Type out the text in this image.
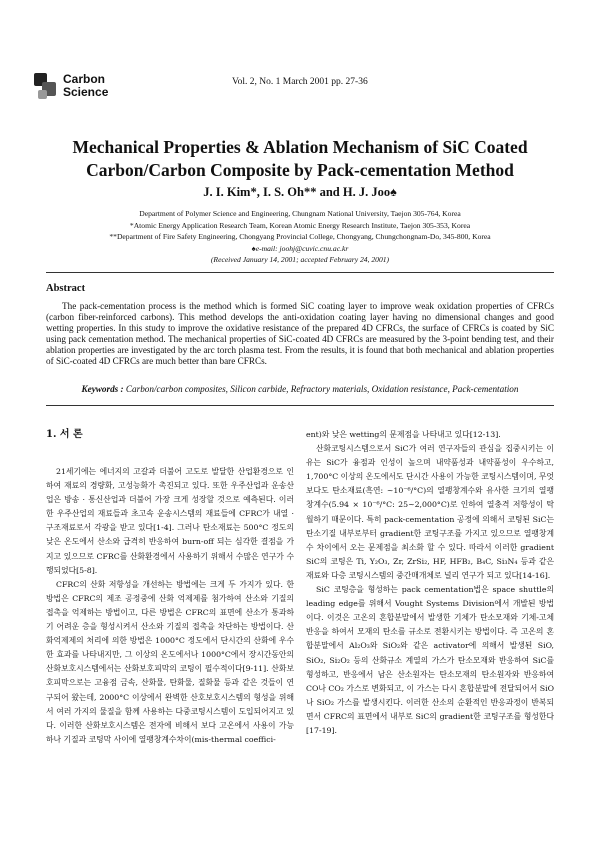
Carbon
Science
Vol. 2, No. 1 March 2001 pp. 27-36
Mechanical Properties & Ablation Mechanism of SiC Coated
Carbon/Carbon Composite by Pack-cementation Method
J. I. Kim*, I. S. Oh** and H. J. Joo♠
Department of Polymer Science and Engineering, Chungnam National University, Taejon 305-764, Korea
*Atomic Energy Application Research Team, Korean Atomic Energy Research Institute, Taejon 305-353, Korea
**Department of Fire Safety Engineering, Chongyang Provincial College, Chongyang, Chungchongnam-Do, 345-800, Korea
♠e-mail: joohj@cuvic.cnu.ac.kr
(Received January 14, 2001; accepted February 24, 2001)
Abstract
The pack-cementation process is the method which is formed SiC coating layer to improve weak oxidation properties of CFRCs (carbon fiber-reinforced carbons). This method develops the anti-oxidation coating layer having no dimensional changes and good wetting properties. In this study to improve the oxidative resistance of the prepared 4D CFRCs, the surface of CFRCs is coated by SiC using pack cementation method. The mechanical properties of SiC-coated 4D CFRCs are measured by the 3-point bending test, and their ablation properties are investigated by the arc torch plasma test. From the results, it is found that both mechanical and ablation properties of SiC-coated 4D CFRCs are much better than bare CFRCs.
Keywords : Carbon/carbon composites, Silicon carbide, Refractory materials, Oxidation resistance, Pack-cementation
1. 서 론

21세기에는 에너지의 고갈과 더불어 고도로 발달한 산업환경으로 인하여 재료의 경량화, 고성능화가 촉진되고 있다. 또한 우주산업과 운송산업은 방송 · 통신산업과 더불어 가장 크게 성장할 것으로 예측된다. 이러한 우주산업의 재료들과 초고속 운송시스템의 재료들에 CFRC가 내열 · 구조재료로서 각광을 받고 있다[1-4]. 그러나 탄소재료는 500°C 정도의 낮은 온도에서 산소와 급격히 반응하여 burn-off 되는 심각한 결점을 가지고 있으므로 CFRC를 산화환경에서 사용하기 위해서 수많은 연구가 수행되었다[5-8].

CFRC의 산화 저항성을 개선하는 방법에는 크게 두 가지가 있다. 한 방법은 CFRC의 제조 공정중에 산화 억제제를 첨가하여 산소와 기질의 접촉을 억제하는 방법이고, 다른 방법은 CFRC의 표면에 산소가 통과하기 어려운 층을 형성시켜서 산소와 기질의 접촉을 차단하는 방법이다. 산화억제제의 처리에 의한 방법은 1000°C 정도에서 단시간의 산화에 우수한 효과를 나타내지만, 그 이상의 온도에서나 1000°C에서 장시간동안의 산화보호시스템에서는 산화보호피막의 코팅이 필수적이다[9-11]. 산화보호피막으로는 고융점 금속, 산화물, 탄화물, 질화물 등과 같은 것들이 연구되어 왔는데, 2000°C 이상에서 완벽한 산호보호시스템의 형성을 위해서 여러 가지의 물질을 함께 사용하는 다중코팅시스템이 도입되어지고 있다. 이러한 산화보호시스템은 전자에 비해서 보다 고온에서 사용이 가능하나 기질과 코팅막 사이에 열팽창계수차이(mis-thermal coeffici-

ent)와 낮은 wetting의 문제점을 나타내고 있다[12-13].

산화코팅시스템으로서 SiC가 여러 연구자들의 관심을 집중시키는 이유는 SiC가 융점과 인성이 높으며 내약품성과 내약품성이 우수하고, 1,700°C 이상의 온도에서도 단시간 사용이 가능한 코팅시스템이며, 무엇보다도 탄소재료(흑연: ~10⁻⁶/°C)의 열팽창계수와 유사한 크기의 열팽창계수(5.94 × 10⁻⁶/°C: 25~2,000°C)로 인하여 열충격 저항성이 탁월하기 때문이다. 특히 pack-cementation 공정에 의해서 코팅된 SiC는 탄소기질 내부로부터 gradient한 코팅구조를 가지고 있으므로 열팽창계수 차이에서 오는 문제점을 최소화 할 수 있다. 따라서 이러한 gradient SiC의 코팅은 Ti, Y₂O₃, Zr, ZrSi₂, HF, HFB₂, B₄C, Si₃N₄ 등과 같은 재료와 다층 코팅시스템의 중간매개체로 널리 연구가 되고 있다[14-16].

SiC 코팅층을 형성하는 pack cementation법은 space shuttle의 leading edge를 위해서 Vought Systems Division에서 개발된 방법이다. 이것은 고온의 혼합분말에서 발생한 기체가 탄소모재와 기체-고체 반응을 하여서 모재의 탄소를 규소로 전환시키는 방법이다. 즉 고온의 혼합분말에서 Al₂O₃와 SiO₂와 같은 activator에 의해서 발생된 SiO, SiO₂, Si₂O₂ 등의 산화규소 계열의 가스가 탄소모재와 반응하여 SiC를 형성하고, 반응에서 남은 산소원자는 탄소모재의 탄소원자와 반응하여 CO나 CO₂ 가스로 변화되고, 이 가스는 다시 혼합분말에 전달되어서 SiO나 SiO₂ 가스를 발생시킨다. 이러한 산소의 순환적인 반응과정이 반복되면서 CFRC의 표면에서 내부로 SiC의 gradient한 코팅구조를 형성한다[17-19].
